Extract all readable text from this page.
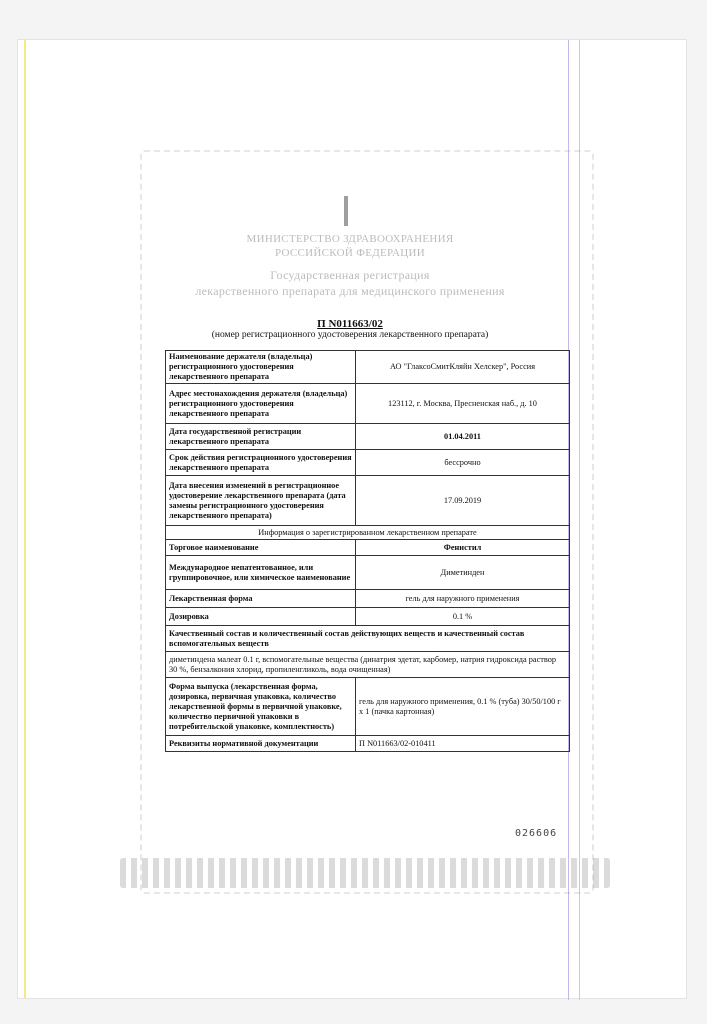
МИНИСТЕРСТВО ЗДРАВООХРАНЕНИЯ
РОССИЙСКОЙ ФЕДЕРАЦИИ
Государственная регистрация
лекарственного препарата для медицинского применения
П N011663/02
(номер регистрационного удостоверения лекарственного препарата)
Наименование держателя (владельца) регистрационного удостоверения лекарственного препарата	АО "ГлаксоСмитКляйн Хелскер", Россия
Адрес местонахождения держателя (владельца) регистрационного удостоверения лекарственного препарата	123112, г. Москва, Пресненская наб., д. 10
Дата государственной регистрации лекарственного препарата	01.04.2011
Срок действия регистрационного удостоверения лекарственного препарата	бессрочно
Дата внесения изменений в регистрационное удостоверение лекарственного препарата (дата замены регистрационного удостоверения лекарственного препарата)	17.09.2019
Информация о зарегистрированном лекарственном препарате	
Торговое наименование	Фенистил
Международное непатентованное, или группировочное, или химическое наименование	Диметинден
Лекарственная форма	гель для наружного применения
Дозировка	0.1 %
Качественный состав и количественный состав действующих веществ и качественный состав вспомогательных веществ	
диметиндена малеат 0.1 г, вспомогательные вещества (динатрия эдетат, карбомер, натрия гидроксида раствор 30 %, бензалкония хлорид, пропиленгликоль, вода очищенная)	
Форма выпуска (лекарственная форма, дозировка, первичная упаковка, количество лекарственной формы в первичной упаковке, количество первичной упаковки в потребительской упаковке, комплектность)	гель для наружного применения, 0.1 % (туба) 30/50/100 г x 1 (пачка картонная)
Реквизиты нормативной документации	П N011663/02-010411
026606
